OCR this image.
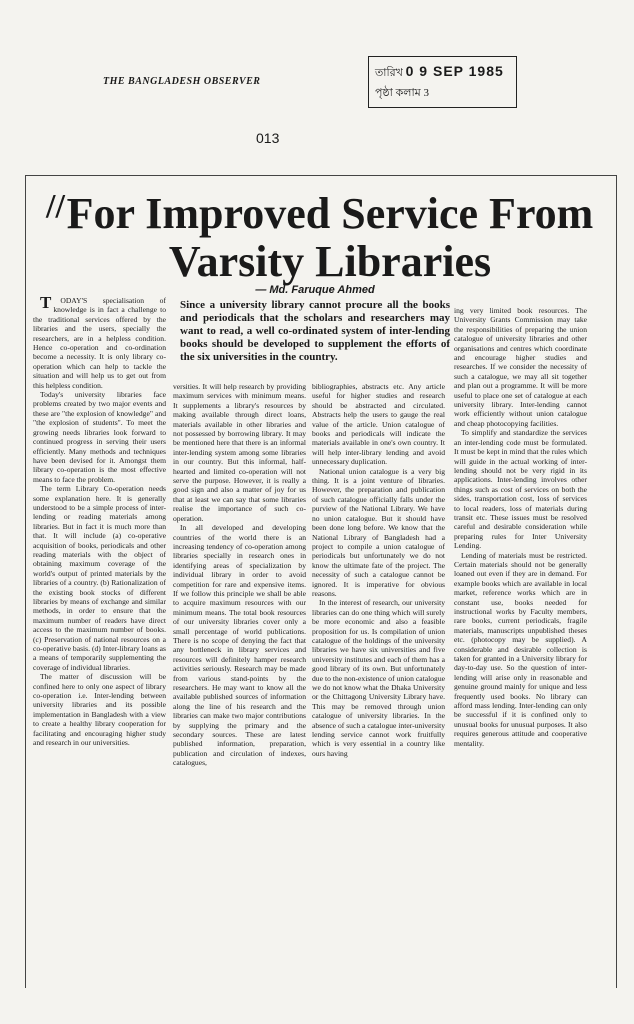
THE BANGLADESH OBSERVER
তারিখ 0 9 SEP 1985
পৃষ্ঠা কলাম 3
013
// For Improved Service From
Varsity Libraries
— Md. Faruque Ahmed
Since a university library cannot procure all the books and periodicals that the scholars and researchers may want to read, a well co-ordinated system of inter-lending books should be developed to supplement the efforts of the six universities in the country.

TODAY'S specialisation of knowledge is in fact a challenge to the traditional services offered by the libraries and the users, specially the researchers, are in a helpless condition. Hence co-operation and co-ordination become a necessity. It is only library co-operation which can help to tackle the situation and will help us to get out from this helpless condition.

Today's university libraries face problems created by two major events and these are "the explosion of knowledge" and "the explosion of students". To meet the growing needs libraries look forward to continued progress in serving their users efficiently. Many methods and techniques have been devised for it. Amongst them library co-operation is the most effective means to face the problem.

The term Library Co-operation needs some explanation here. It is generally understood to be a simple process of inter-lending or reading materials among libraries. But in fact it is much more than that. It will include (a) co-operative acquisition of books, periodicals and other reading materials with the object of obtaining maximum coverage of the world's output of printed materials by the libraries of a country. (b) Rationalization of the existing book stocks of different libraries by means of exchange and similar methods, in order to ensure that the maximum number of readers have direct access to the maximum number of books. (c) Preservation of national resources on a co-operative basis. (d) Inter-library loans as a means of temporarily supplementing the coverage of individual libraries.

The matter of discussion will be confined here to only one aspect of library co-operation i.e. Inter-lending between university libraries and its possible implementation in Bangladesh with a view to create a healthy library cooperation for facilitating and encouraging higher study and research in our universities.

versities. It will help research by providing maximum services with minimum means. It supplements a library's resources by making available through direct loans, materials available in other libraries and not possessed by borrowing library. It may be mentioned here that there is an informal inter-lending system among some libraries in our country. But this informal, half-hearted and limited co-operation will not serve the purpose. However, it is really a good sign and also a matter of joy for us that at least we can say that some libraries realise the importance of such co-operation.

In all developed and developing countries of the world there is an increasing tendency of co-operation among libraries specially in research ones in identifying areas of specialization by individual library in order to avoid competition for rare and expensive items. If we follow this principle we shall be able to acquire maximum resources with our minimum means. The total book resources of our university libraries cover only a small percentage of world publications. There is no scope of denying the fact that any bottleneck in library services and resources will definitely hamper research activities seriously. Research may be made from various stand-points by the researchers. He may want to know all the available published sources of information along the line of his research and the libraries can make two major contributions by supplying the primary and the secondary sources. These are latest published information, preparation, publication and circulation of indexes, catalogues,

bibliographies, abstracts etc. Any article useful for higher studies and research should be abstracted and circulated. Abstracts help the users to gauge the real value of the article. Union catalogue of books and periodicals will indicate the materials available in one's own country. It will help inter-library lending and avoid unnecessary duplication.

National union catalogue is a very big thing. It is a joint venture of libraries. However, the preparation and publication of such catalogue officially falls under the purview of the National Library. We have no union catalogue. But it should have been done long before. We know that the National Library of Bangladesh had a project to compile a union catalogue of periodicals but unfortunately we do not know the ultimate fate of the project. The necessity of such a catalogue cannot be ignored. It is imperative for obvious reasons.

In the interest of research, our university libraries can do one thing which will surely be more economic and also a feasible proposition for us. Is compilation of union catalogue of the holdings of the university libraries we have six universities and five university institutes and each of them has a good library of its own. But unfortunately due to the non-existence of union catalogue we do not know what the Dhaka University or the Chittagong University Library have. This may be removed through union catalogue of university libraries. In the absence of such a catalogue inter-university lending service cannot work fruitfully which is very essential in a country like ours having

ing very limited book resources. The University Grants Commission may take the responsibilities of preparing the union catalogue of university libraries and other organisations and centres which coordinate and encourage higher studies and researches. If we consider the necessity of such a catalogue, we may all sit together and plan out a programme. It will be more useful to place one set of catalogue at each university library. Inter-lending cannot work efficiently without union catalogue and cheap photocopying facilities.

To simplify and standardize the services an inter-lending code must be formulated. It must be kept in mind that the rules which will guide in the actual working of inter-lending should not be very rigid in its applications. Inter-lending involves other things such as cost of services on both the sides, transportation cost, loss of services to local readers, loss of materials during transit etc. These issues must be resolved careful and desirable consideration while preparing rules for Inter University Lending.

Lending of materials must be restricted. Certain materials should not be generally loaned out even if they are in demand. For example books which are available in local market, reference works which are in constant use, books needed for instructional works by Faculty members, rare books, current periodicals, fragile materials, manuscripts unpublished theses etc. (photocopy may be supplied). A considerable and desirable collection is taken for granted in a University library for day-to-day use. So the question of inter-lending will arise only in reasonable and genuine ground mainly for unique and less frequently used books. No library can afford mass lending. Inter-lending can only be successful if it is confined only to unusual books for unusual purposes. It also requires generous attitude and cooperative mentality.
